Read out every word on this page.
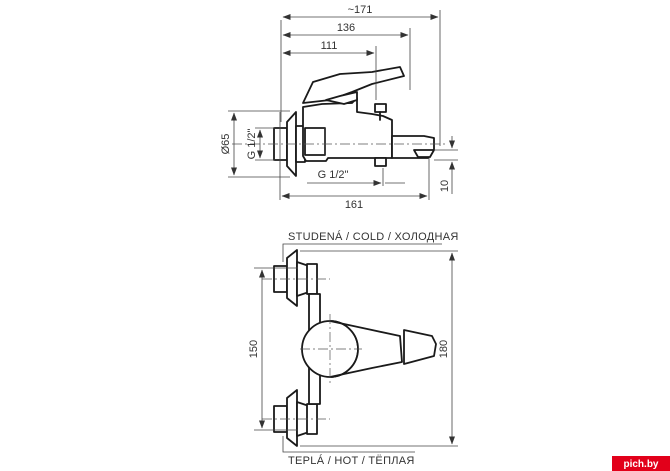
~171
136
111
Ø65 G 1/2"
G 1/2"
161
10
150	180
STUDENÁ / COLD / ХОЛОДНАЯ
TEPLÁ / HOT / ТЁПЛАЯ	pich.by
